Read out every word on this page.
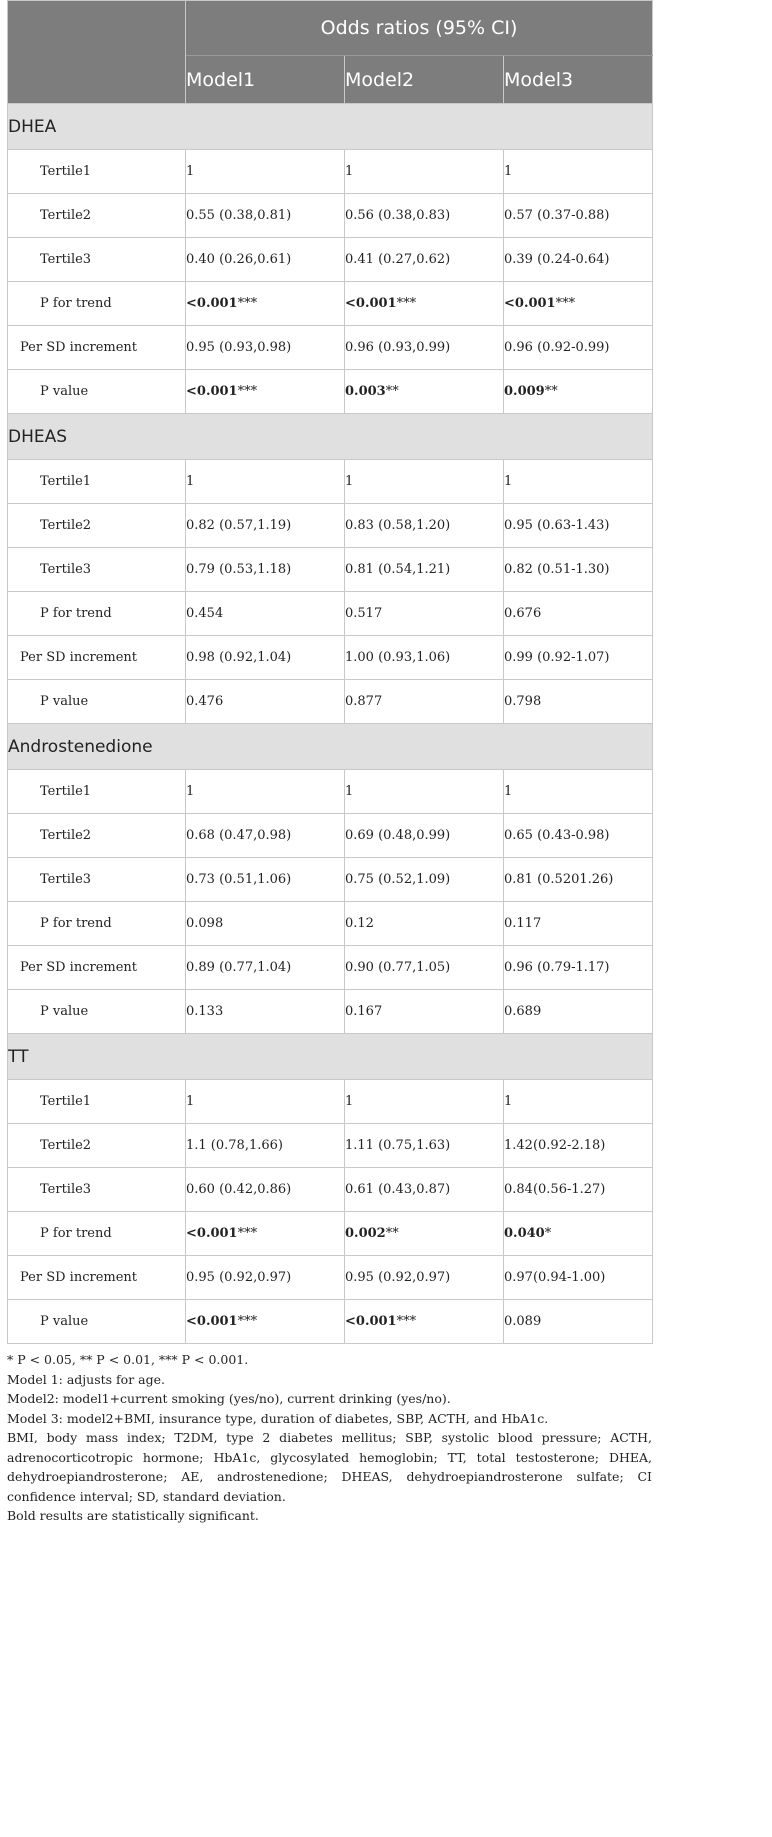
	Odds ratios (95% CI)		
	Model1	Model2	Model3
DHEA			
Tertile1	1	1	1
Tertile2	0.55 (0.38,0.81)	0.56 (0.38,0.83)	0.57 (0.37-0.88)
Tertile3	0.40 (0.26,0.61)	0.41 (0.27,0.62)	0.39 (0.24-0.64)
P for trend	<0.001***	<0.001***	<0.001***
Per SD increment	0.95 (0.93,0.98)	0.96 (0.93,0.99)	0.96 (0.92-0.99)
P value	<0.001***	0.003**	0.009**
DHEAS			
Tertile1	1	1	1
Tertile2	0.82 (0.57,1.19)	0.83 (0.58,1.20)	0.95 (0.63-1.43)
Tertile3	0.79 (0.53,1.18)	0.81 (0.54,1.21)	0.82 (0.51-1.30)
P for trend	0.454	0.517	0.676
Per SD increment	0.98 (0.92,1.04)	1.00 (0.93,1.06)	0.99 (0.92-1.07)
P value	0.476	0.877	0.798
Androstenedione			
Tertile1	1	1	1
Tertile2	0.68 (0.47,0.98)	0.69 (0.48,0.99)	0.65 (0.43-0.98)
Tertile3	0.73 (0.51,1.06)	0.75 (0.52,1.09)	0.81 (0.5201.26)
P for trend	0.098	0.12	0.117
Per SD increment	0.89 (0.77,1.04)	0.90 (0.77,1.05)	0.96 (0.79-1.17)
P value	0.133	0.167	0.689
TT			
Tertile1	1	1	1
Tertile2	1.1 (0.78,1.66)	1.11 (0.75,1.63)	1.42(0.92-2.18)
Tertile3	0.60 (0.42,0.86)	0.61 (0.43,0.87)	0.84(0.56-1.27)
P for trend	<0.001***	0.002**	0.040*
Per SD increment	0.95 (0.92,0.97)	0.95 (0.92,0.97)	0.97(0.94-1.00)
P value	<0.001***	<0.001***	0.089

* P < 0.05, ** P < 0.01, *** P < 0.001.

Model 1: adjusts for age.

Model2: model1+current smoking (yes/no), current drinking (yes/no).

Model 3: model2+BMI, insurance type, duration of diabetes, SBP, ACTH, and HbA1c.

BMI, body mass index; T2DM, type 2 diabetes mellitus; SBP, systolic blood pressure; ACTH, adrenocorticotropic hormone; HbA1c, glycosylated hemoglobin; TT, total testosterone; DHEA, dehydroepiandrosterone; AE, androstenedione; DHEAS, dehydroepiandrosterone sulfate; CI confidence interval; SD, standard deviation.

Bold results are statistically significant.
